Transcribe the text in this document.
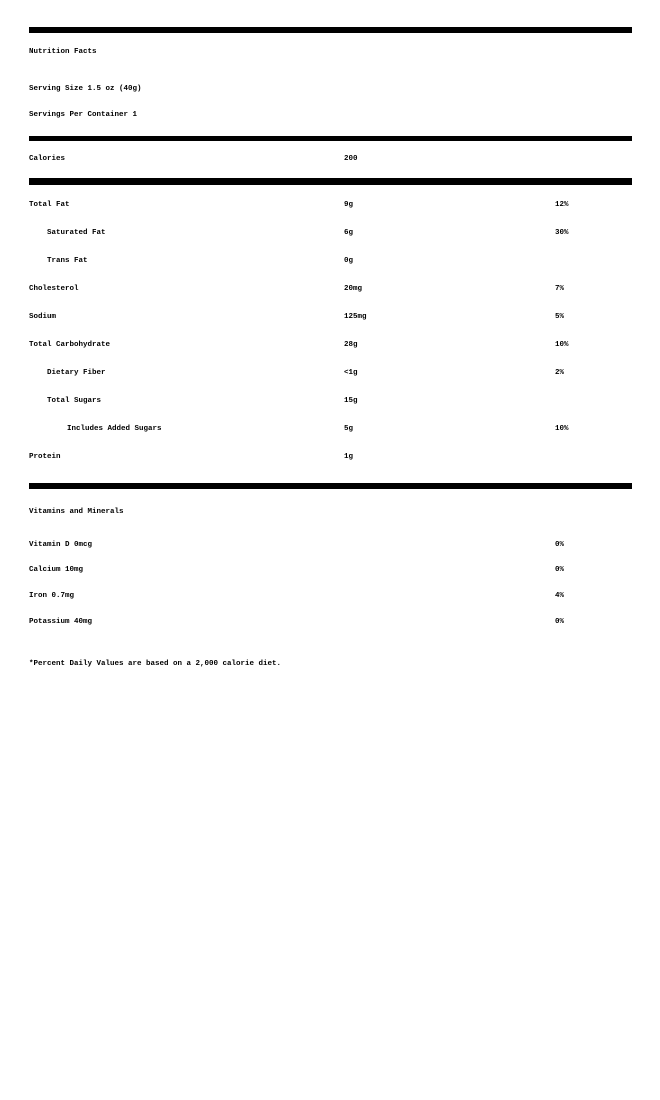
Nutrition Facts
Serving Size 1.5 oz (40g)
Servings Per Container 1
Calories	200
Total Fat	9g	12%
Saturated Fat	6g	30%
Trans Fat	0g
Cholesterol	20mg	7%
Sodium	125mg	5%
Total Carbohydrate	28g	10%
Dietary Fiber	<1g	2%
Total Sugars	15g
Includes Added Sugars	5g	10%
Protein	1g
Vitamins and Minerals
Vitamin D 0mcg	0%
Calcium 10mg	0%
Iron 0.7mg	4%
Potassium 40mg	0%
*Percent Daily Values are based on a 2,000 calorie diet.
